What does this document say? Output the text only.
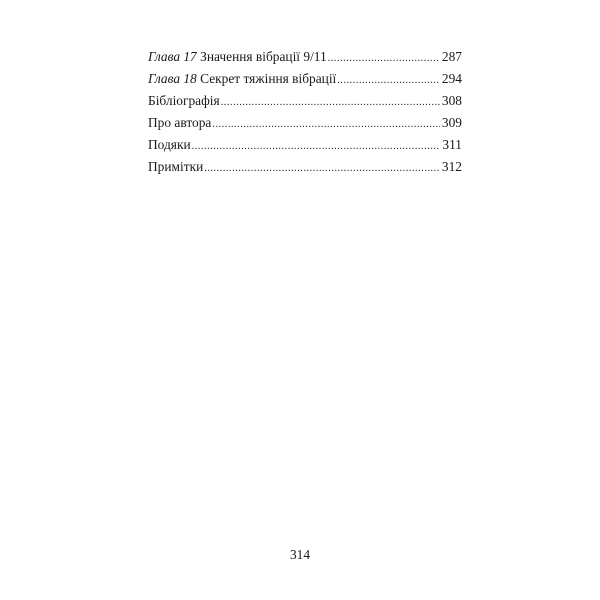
Глава 17 Значення вібрації 9/11 .....	287
Глава 18 Секрет тяжіння вібрації .....	294
Бібліографія .....	308
Про автора .....	309
Подяки .....	311
Примітки .....	312
314
